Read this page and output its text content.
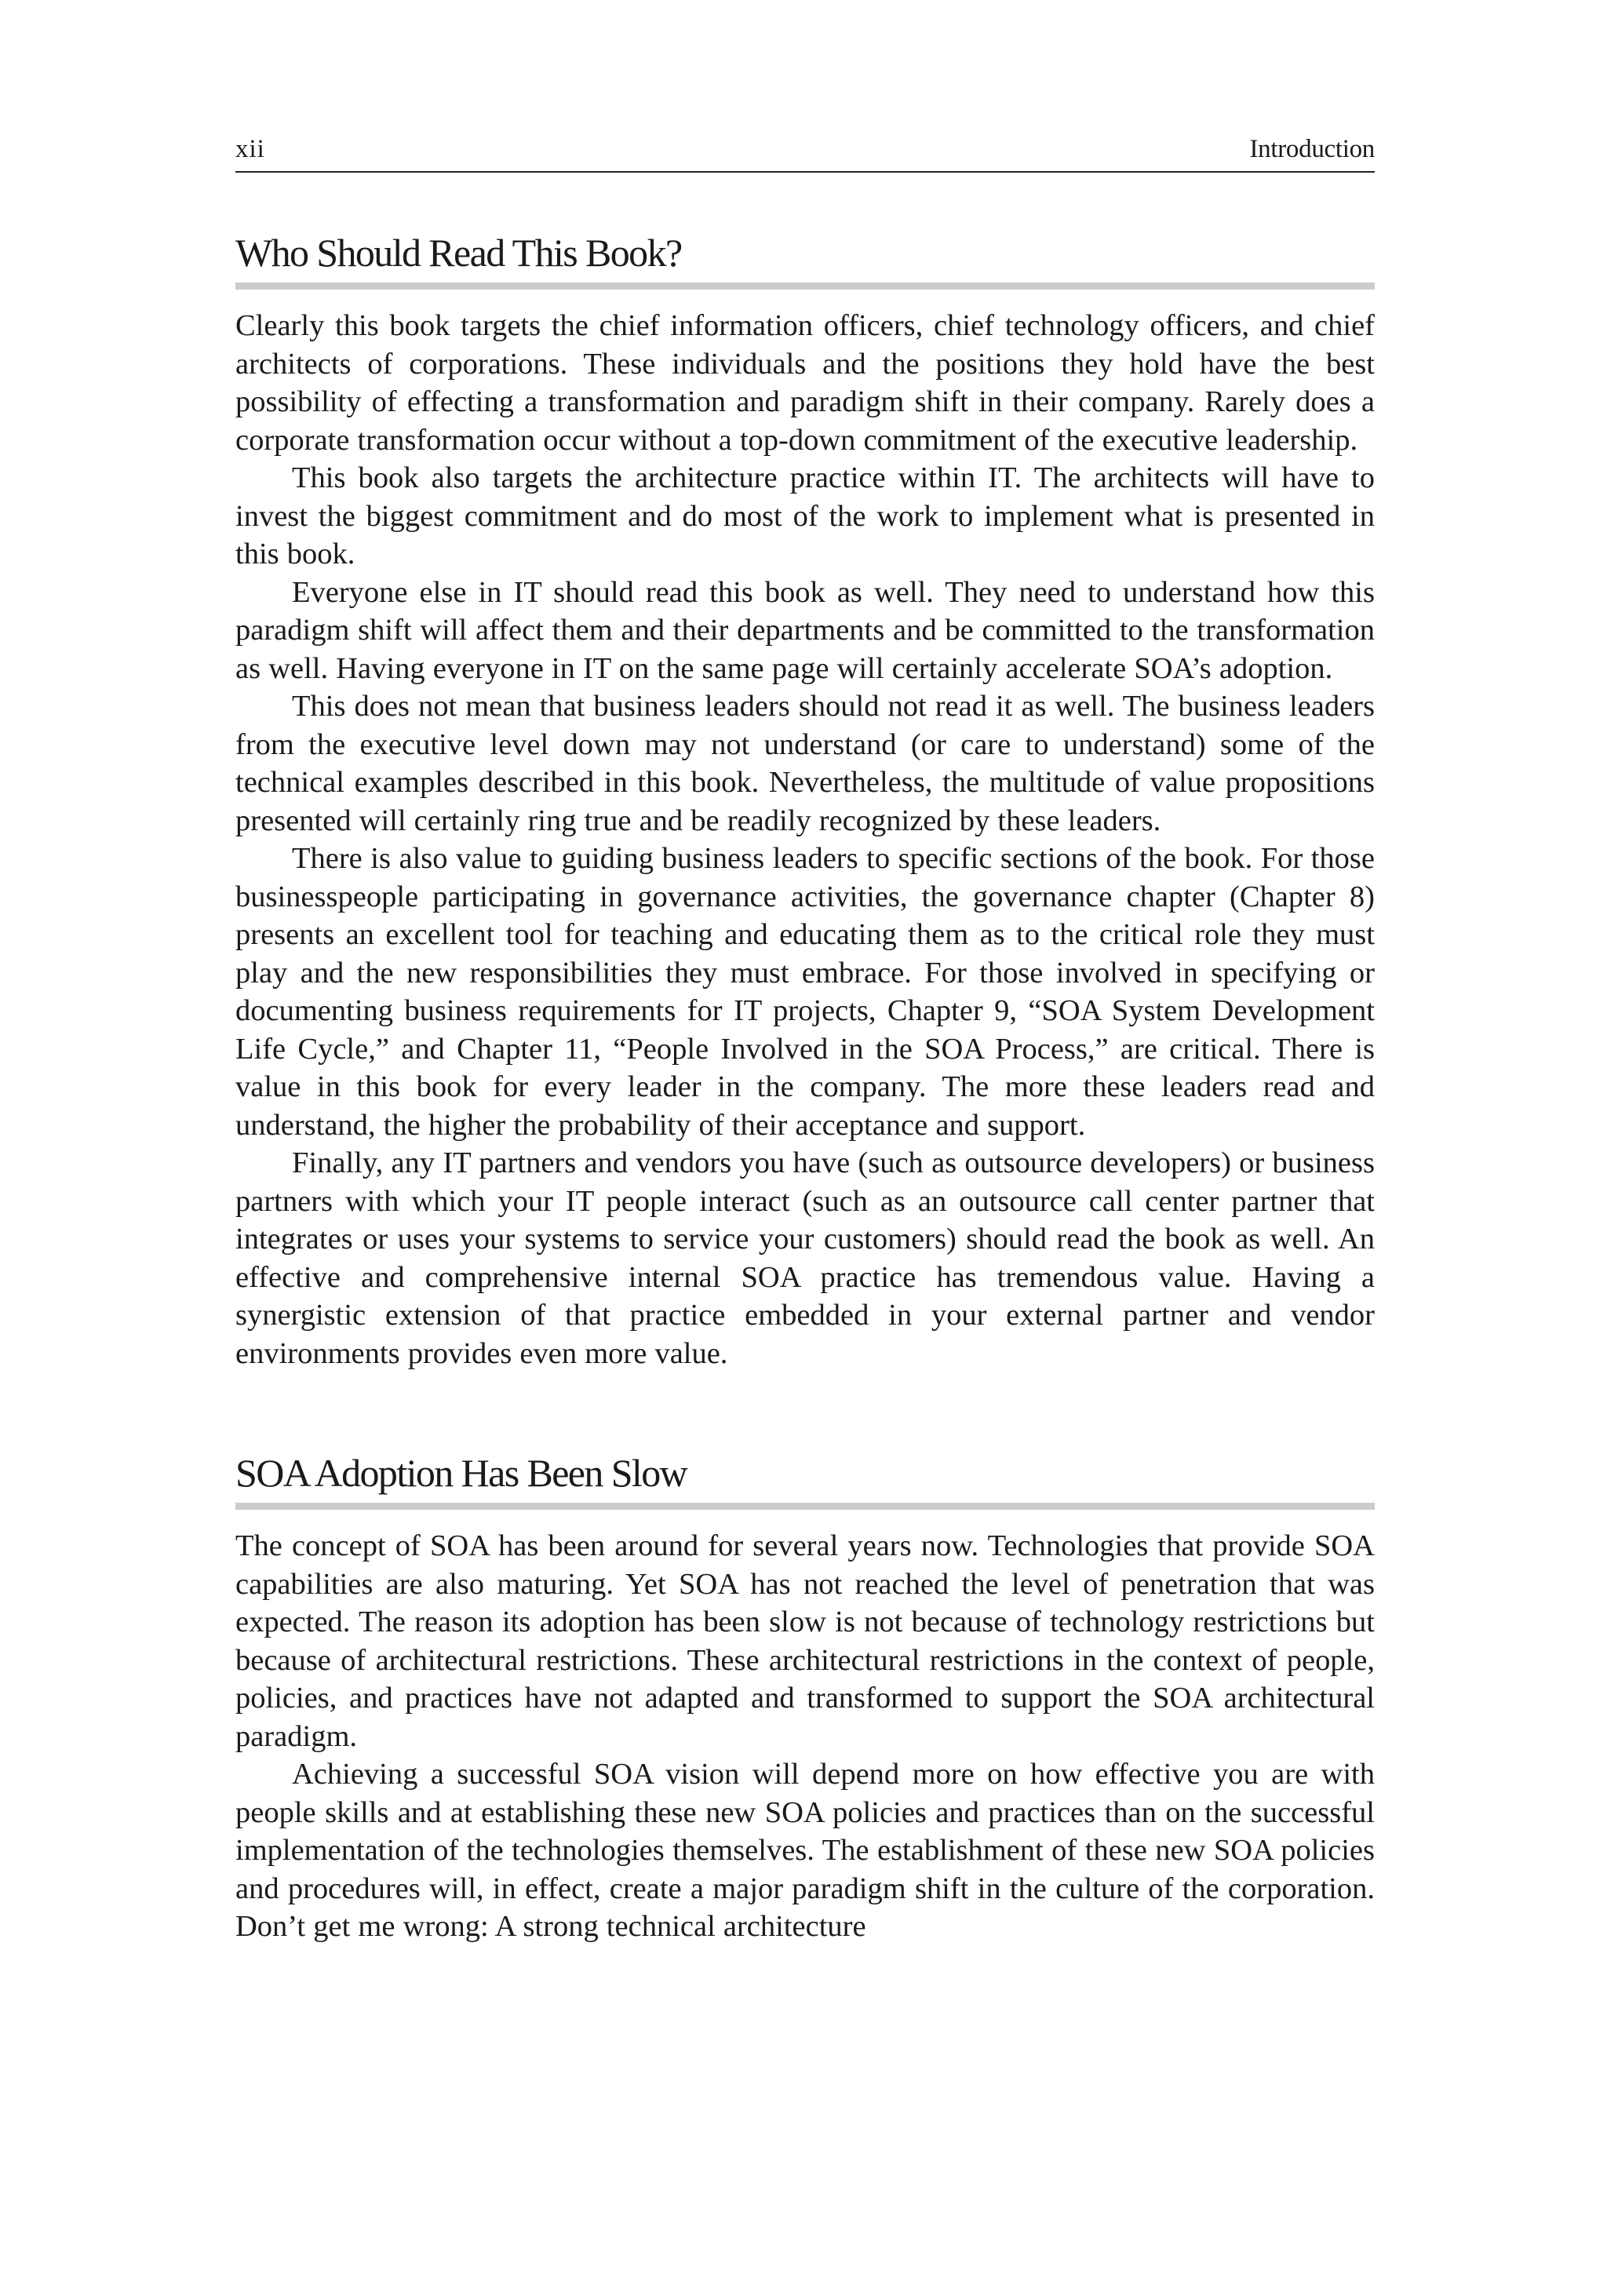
xii	Introduction
Who Should Read This Book?

Clearly this book targets the chief information officers, chief technology officers, and chief architects of corporations. These individuals and the positions they hold have the best possibility of effecting a transformation and paradigm shift in their company. Rarely does a corporate transformation occur without a top-down commitment of the executive leadership.

This book also targets the architecture practice within IT. The architects will have to invest the biggest commitment and do most of the work to implement what is presented in this book.

Everyone else in IT should read this book as well. They need to understand how this paradigm shift will affect them and their departments and be committed to the transformation as well. Having everyone in IT on the same page will certainly accelerate SOA’s adoption.

This does not mean that business leaders should not read it as well. The business leaders from the executive level down may not understand (or care to understand) some of the technical examples described in this book. Nevertheless, the multitude of value propositions presented will certainly ring true and be readily recognized by these leaders.

There is also value to guiding business leaders to specific sections of the book. For those businesspeople participating in governance activities, the governance chapter (Chapter 8) presents an excellent tool for teaching and educating them as to the critical role they must play and the new responsibilities they must embrace. For those involved in specifying or documenting business requirements for IT projects, Chapter 9, “SOA System Development Life Cycle,” and Chapter 11, “People Involved in the SOA Process,” are critical. There is value in this book for every leader in the company. The more these leaders read and understand, the higher the probability of their acceptance and support.

Finally, any IT partners and vendors you have (such as outsource developers) or business partners with which your IT people interact (such as an outsource call center partner that integrates or uses your systems to service your customers) should read the book as well. An effective and comprehensive internal SOA practice has tremendous value. Having a synergistic extension of that practice embedded in your external partner and vendor environments provides even more value.

SOA Adoption Has Been Slow

The concept of SOA has been around for several years now. Technologies that provide SOA capabilities are also maturing. Yet SOA has not reached the level of penetration that was expected. The reason its adoption has been slow is not because of technology restrictions but because of architectural restrictions. These architectural restrictions in the context of people, policies, and practices have not adapted and transformed to support the SOA architectural paradigm.

Achieving a successful SOA vision will depend more on how effective you are with people skills and at establishing these new SOA policies and practices than on the successful implementation of the technologies themselves. The establishment of these new SOA policies and procedures will, in effect, create a major paradigm shift in the culture of the corporation. Don’t get me wrong: A strong technical architecture
